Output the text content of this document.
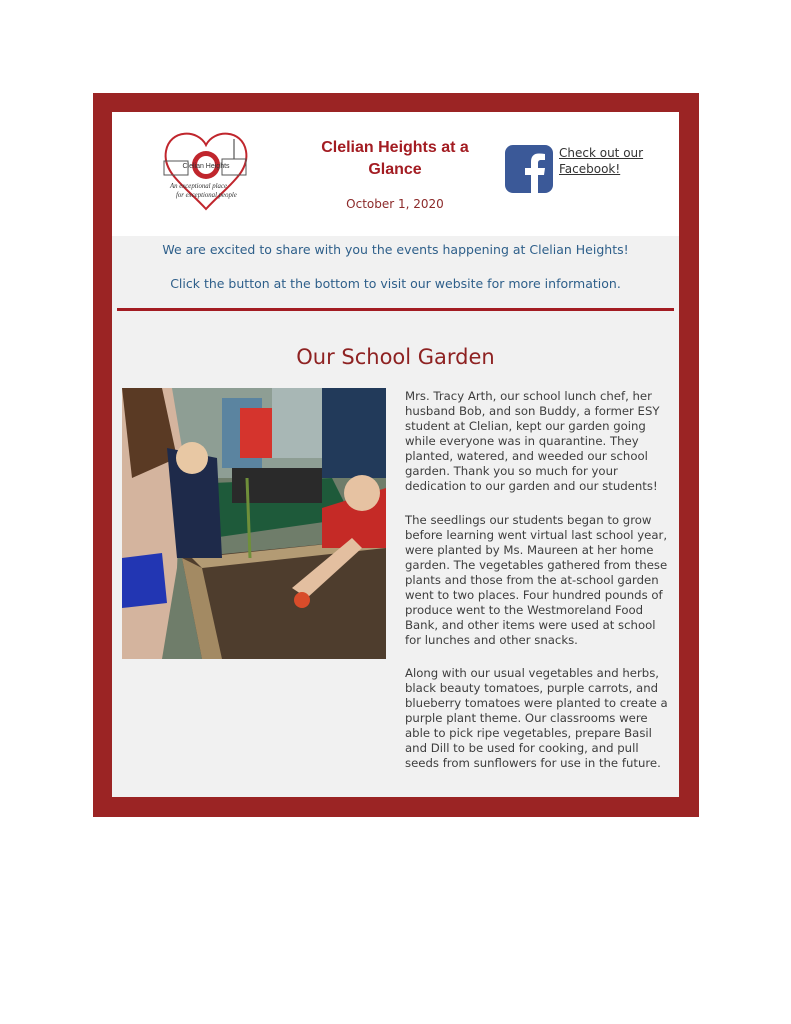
Clelian Heights
An exceptional place
for exceptional people
Clelian Heights at a
Glance
October 1, 2020
Check out our
Facebook!
We are excited to share with you the events happening at Clelian Heights!
Click the button at the bottom to visit our website for more information.
Our School Garden

Mrs. Tracy Arth, our school lunch chef, her
husband Bob, and son Buddy, a former ESY
student at Clelian, kept our garden going
while everyone was in quarantine. They
planted, watered, and weeded our school
garden. Thank you so much for your
dedication to our garden and our students!

The seedlings our students began to grow
before learning went virtual last school year,
were planted by Ms. Maureen at her home
garden. The vegetables gathered from these
plants and those from the at-school garden
went to two places. Four hundred pounds of
produce went to the Westmoreland Food
Bank, and other items were used at school
for lunches and other snacks.

Along with our usual vegetables and herbs,
black beauty tomatoes, purple carrots, and
blueberry tomatoes were planted to create a
purple plant theme. Our classrooms were
able to pick ripe vegetables, prepare Basil
and Dill to be used for cooking, and pull
seeds from sunflowers for use in the future.
